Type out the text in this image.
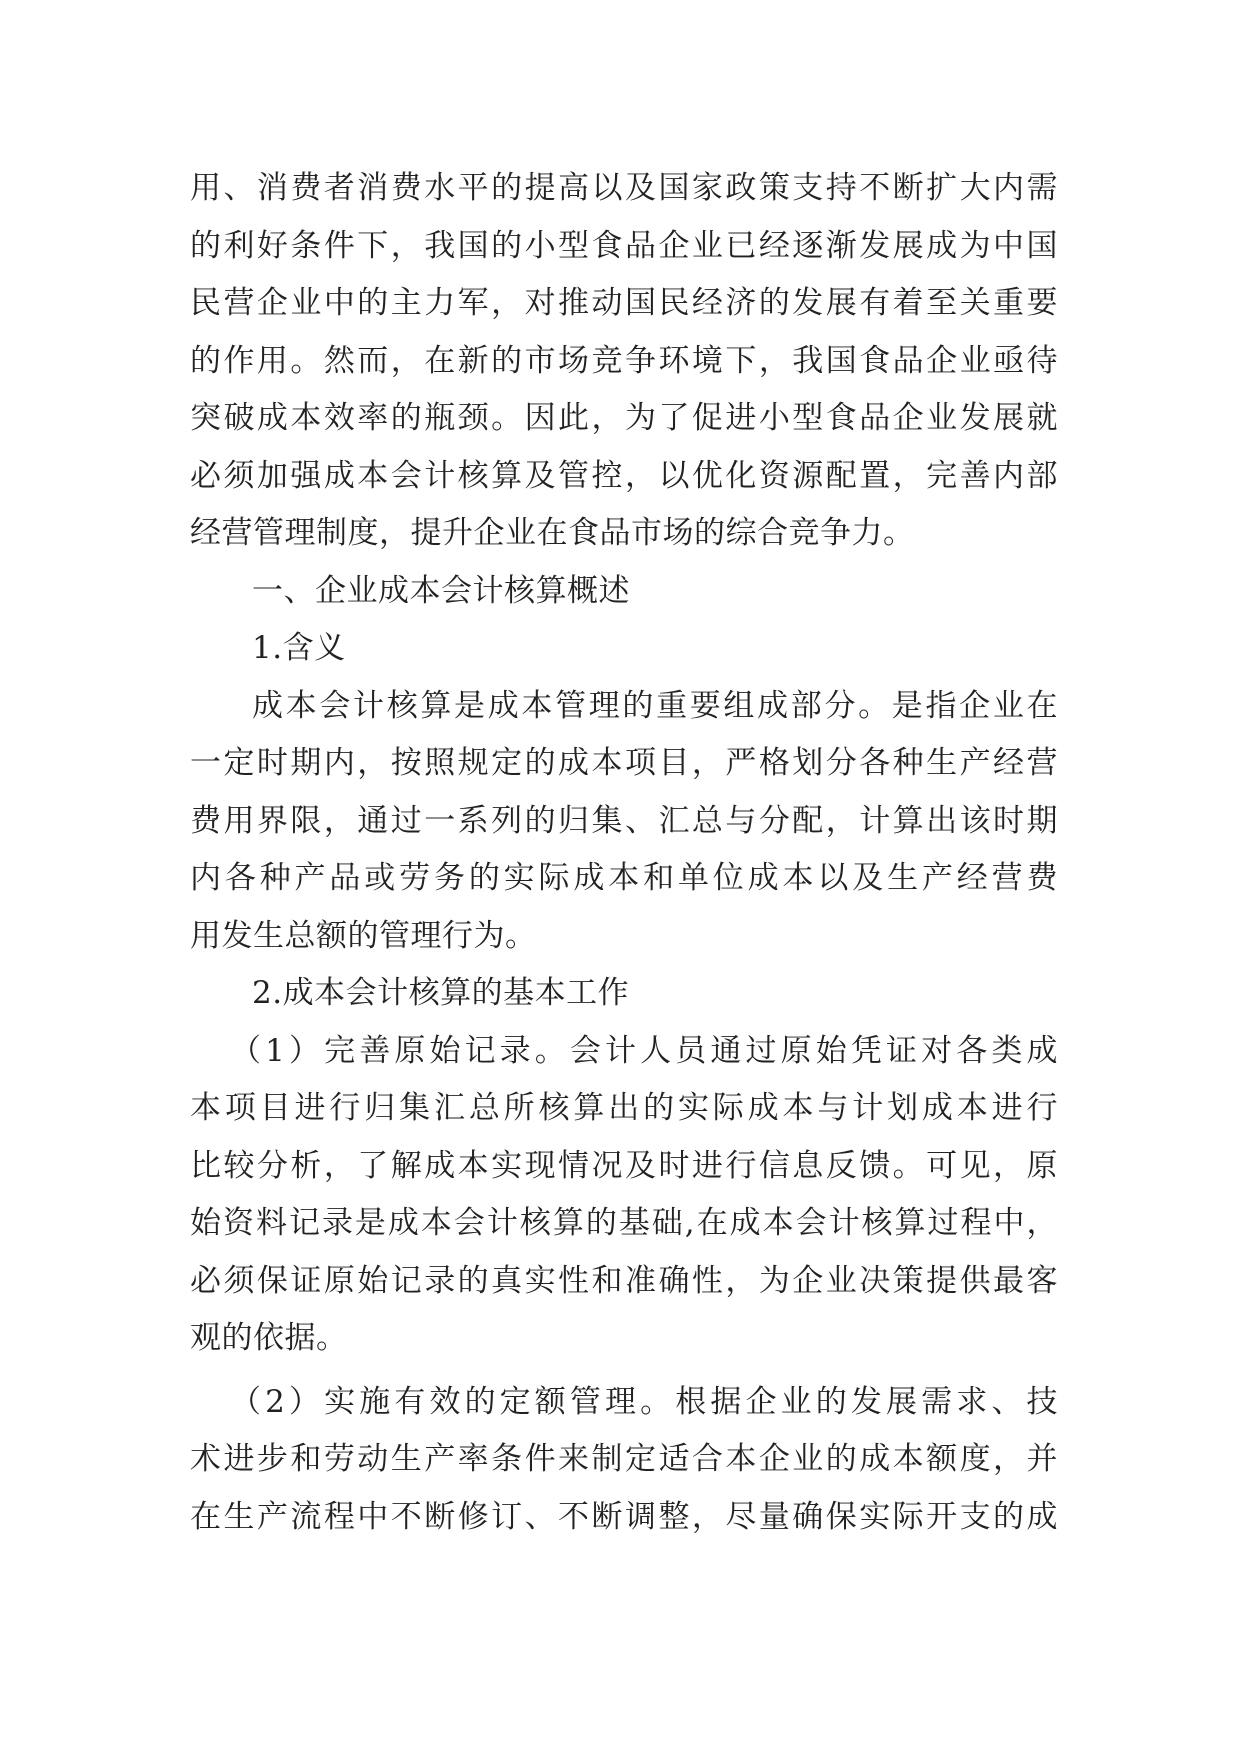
用、消费者消费水平的提高以及国家政策支持不断扩大内需
的利好条件下，我国的小型食品企业已经逐渐发展成为中国
民营企业中的主力军，对推动国民经济的发展有着至关重要
的作用。然而，在新的市场竞争环境下，我国食品企业亟待
突破成本效率的瓶颈。因此，为了促进小型食品企业发展就
必须加强成本会计核算及管控，以优化资源配置，完善内部
经营管理制度，提升企业在食品市场的综合竞争力。
一、企业成本会计核算概述
1.含义
成本会计核算是成本管理的重要组成部分。是指企业在
一定时期内，按照规定的成本项目，严格划分各种生产经营
费用界限，通过一系列的归集、汇总与分配，计算出该时期
内各种产品或劳务的实际成本和单位成本以及生产经营费
用发生总额的管理行为。
2.成本会计核算的基本工作
（1）完善原始记录。会计人员通过原始凭证对各类成
本项目进行归集汇总所核算出的实际成本与计划成本进行
比较分析，了解成本实现情况及时进行信息反馈。可见，原
始资料记录是成本会计核算的基础,在成本会计核算过程中，
必须保证原始记录的真实性和准确性，为企业决策提供最客
观的依据。
（2）实施有效的定额管理。根据企业的发展需求、技
术进步和劳动生产率条件来制定适合本企业的成本额度，并
在生产流程中不断修订、不断调整，尽量确保实际开支的成
